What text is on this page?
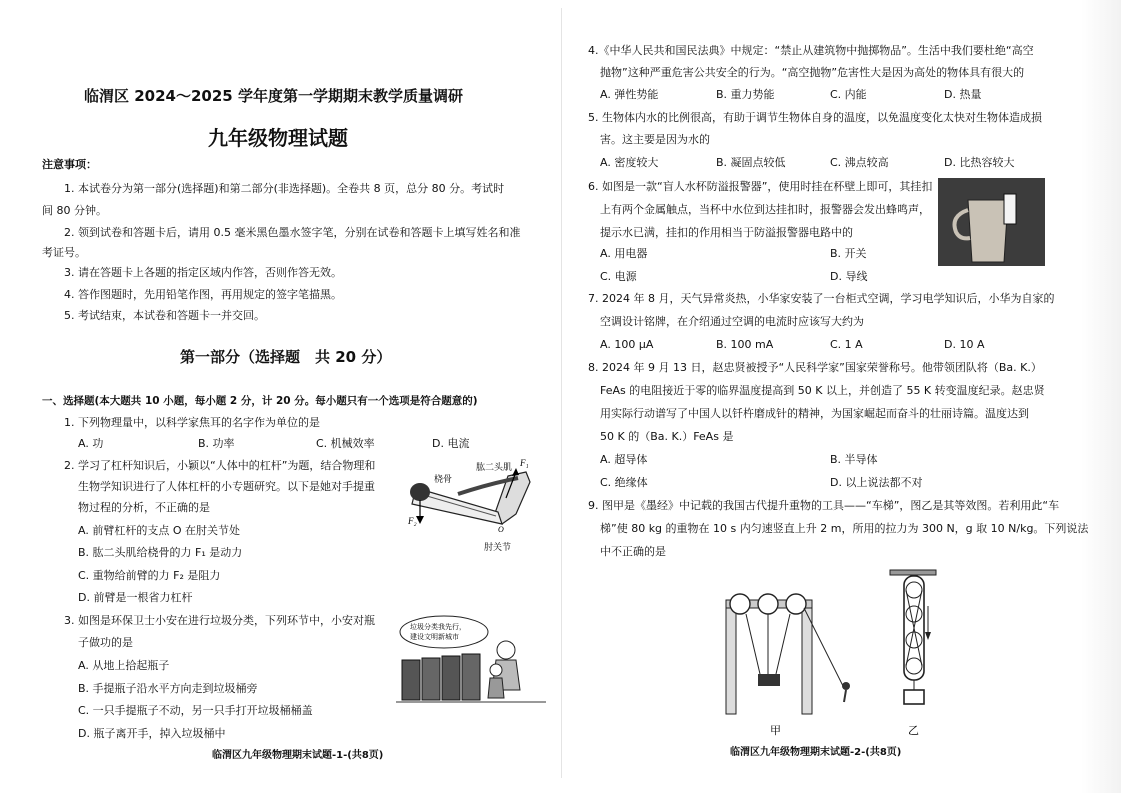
临渭区 2024～2025 学年度第一学期期末教学质量调研
九年级物理试题
注意事项：
1. 本试卷分为第一部分(选择题)和第二部分(非选择题)。全卷共 8 页，总分 80 分。考试时
间 80 分钟。
2. 领到试卷和答题卡后，请用 0.5 毫米黑色墨水签字笔，分别在试卷和答题卡上填写姓名和准
考证号。
3. 请在答题卡上各题的指定区域内作答，否则作答无效。
4. 答作图题时，先用铅笔作图，再用规定的签字笔描黑。
5. 考试结束，本试卷和答题卡一并交回。
第一部分（选择题　共 20 分）
一、选择题(本大题共 10 小题，每小题 2 分，计 20 分。每小题只有一个选项是符合题意的)
1. 下列物理量中，以科学家焦耳的名字作为单位的是
A. 功	B. 功率	C. 机械效率	D. 电流
2. 学习了杠杆知识后，小颖以“人体中的杠杆”为题，结合物理和
生物学知识进行了人体杠杆的小专题研究。以下是她对手提重
物过程的分析，不正确的是
A. 前臂杠杆的支点 O 在肘关节处
B. 肱二头肌给桡骨的力 F₁ 是动力
C. 重物给前臂的力 F₂ 是阻力
D. 前臂是一根省力杠杆
桡骨
肱二头肌 F₁
F₂
肘关节
O
3. 如图是环保卫士小安在进行垃圾分类，下列环节中，小安对瓶
子做功的是
A. 从地上拾起瓶子
B. 手提瓶子沿水平方向走到垃圾桶旁
C. 一只手提瓶子不动，另一只手打开垃圾桶桶盖
D. 瓶子离开手，掉入垃圾桶中
垃圾分类我先行，
建设文明新城市
临渭区九年级物理期末试题-1-(共8页)
4.《中华人民共和国民法典》中规定：“禁止从建筑物中抛掷物品”。生活中我们要杜绝“高空
抛物”这种严重危害公共安全的行为。“高空抛物”危害性大是因为高处的物体具有很大的
A. 弹性势能	B. 重力势能	C. 内能	D. 热量
5. 生物体内水的比例很高，有助于调节生物体自身的温度，以免温度变化太快对生物体造成损
害。这主要是因为水的
A. 密度较大	B. 凝固点较低	C. 沸点较高	D. 比热容较大
6. 如图是一款“盲人水杯防溢报警器”，使用时挂在杯壁上即可，其挂扣
上有两个金属触点，当杯中水位到达挂扣时，报警器会发出蜂鸣声，
提示水已满，挂扣的作用相当于防溢报警器电路中的
A. 用电器	B. 开关
C. 电源	D. 导线
7. 2024 年 8 月，天气异常炎热，小华家安装了一台柜式空调，学习电学知识后，小华为自家的
空调设计铭牌，在介绍通过空调的电流时应该写大约为
A. 100 μA	B. 100 mA	C. 1 A	D. 10 A
8. 2024 年 9 月 13 日，赵忠贤被授予“人民科学家”国家荣誉称号。他带领团队将（Ba. K.）
FeAs 的电阻接近于零的临界温度提高到 50 K 以上，并创造了 55 K 转变温度纪录。赵忠贤
用实际行动谱写了中国人以钎杵磨成针的精神，为国家崛起而奋斗的壮丽诗篇。温度达到
50 K 的（Ba. K.）FeAs 是
A. 超导体	B. 半导体
C. 绝缘体	D. 以上说法都不对
9. 图甲是《墨经》中记载的我国古代提升重物的工具——“车梯”，图乙是其等效图。若利用此“车
梯”使 80 kg 的重物在 10 s 内匀速竖直上升 2 m，所用的拉力为 300 N，g 取 10 N/kg。下列说法
中不正确的是
甲	乙
临渭区九年级物理期末试题-2-(共8页)
